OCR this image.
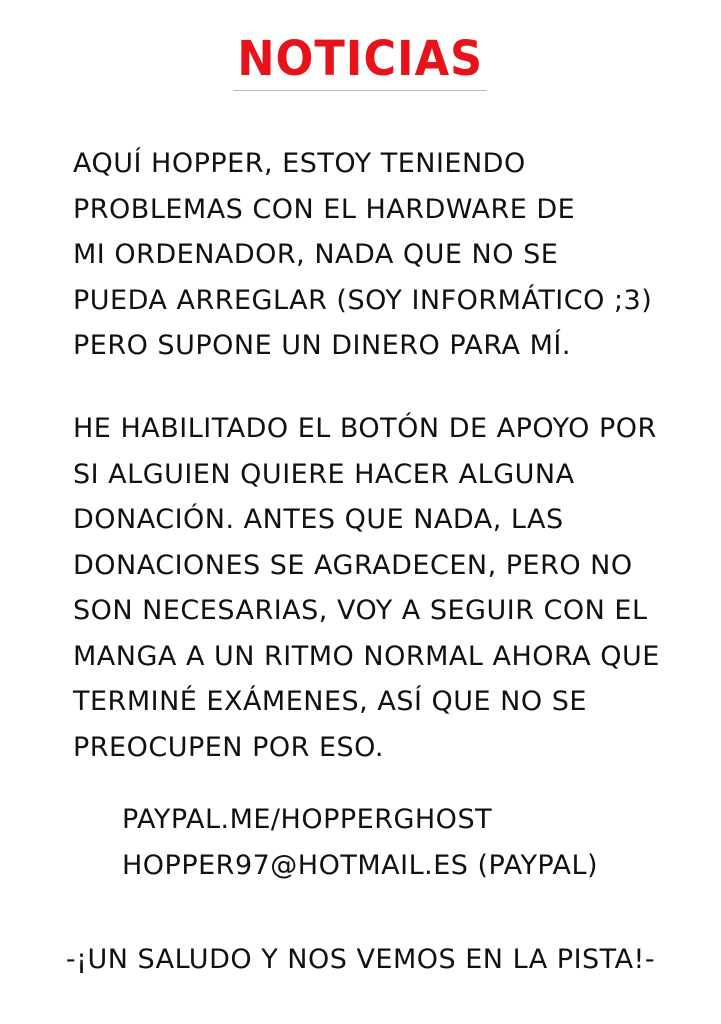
NOTICIAS
AQUÍ HOPPER, ESTOY TENIENDO
PROBLEMAS CON EL HARDWARE DE
MI ORDENADOR, NADA QUE NO SE
PUEDA ARREGLAR (SOY INFORMÁTICO ;3)
PERO SUPONE UN DINERO PARA MÍ.
HE HABILITADO EL BOTÓN DE APOYO POR
SI ALGUIEN QUIERE HACER ALGUNA
DONACIÓN. ANTES QUE NADA, LAS
DONACIONES SE AGRADECEN, PERO NO
SON NECESARIAS, VOY A SEGUIR CON EL
MANGA A UN RITMO NORMAL AHORA QUE
TERMINÉ EXÁMENES, ASÍ QUE NO SE
PREOCUPEN POR ESO.
PAYPAL.ME/HOPPERGHOST
HOPPER97@HOTMAIL.ES (PAYPAL)
-¡UN SALUDO Y NOS VEMOS EN LA PISTA!-
